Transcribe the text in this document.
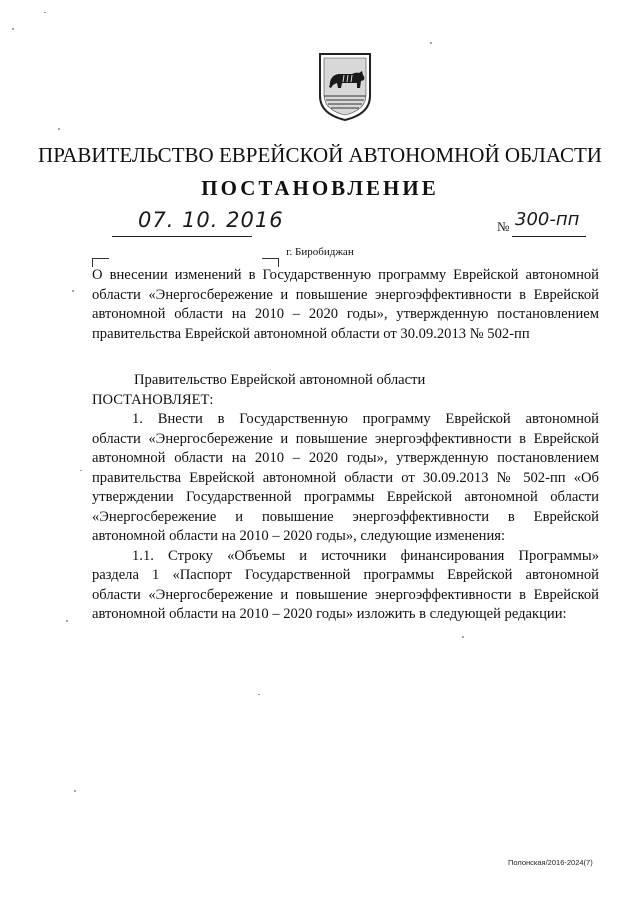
ПРАВИТЕЛЬСТВО ЕВРЕЙСКОЙ АВТОНОМНОЙ ОБЛАСТИ
ПОСТАНОВЛЕНИЕ
07. 10. 2016	№ 300-пп
г. Биробиджан
О внесении изменений в Государственную программу Еврейской автономной
области «Энергосбережение и повышение энергоэффективности в Еврейской
автономной области на 2010 – 2020 годы», утвержденную постановлением
правительства Еврейской автономной области от 30.09.2013 № 502-пп
Правительство Еврейской автономной области
ПОСТАНОВЛЯЕТ:
1. Внести в Государственную программу Еврейской автономной
области «Энергосбережение и повышение энергоэффективности в Еврейской
автономной области на 2010 – 2020 годы», утвержденную постановлением
правительства Еврейской автономной области от 30.09.2013 № 502-пп «Об
утверждении Государственной программы Еврейской автономной области
«Энергосбережение и повышение энергоэффективности в Еврейской
автономной области на 2010 – 2020 годы», следующие изменения:
1.1. Строку «Объемы и источники финансирования Программы»
раздела 1 «Паспорт Государственной программы Еврейской автономной
области «Энергосбережение и повышение энергоэффективности в Еврейской
автономной области на 2010 – 2020 годы» изложить в следующей редакции:
Полонская/2016-2024(7)
